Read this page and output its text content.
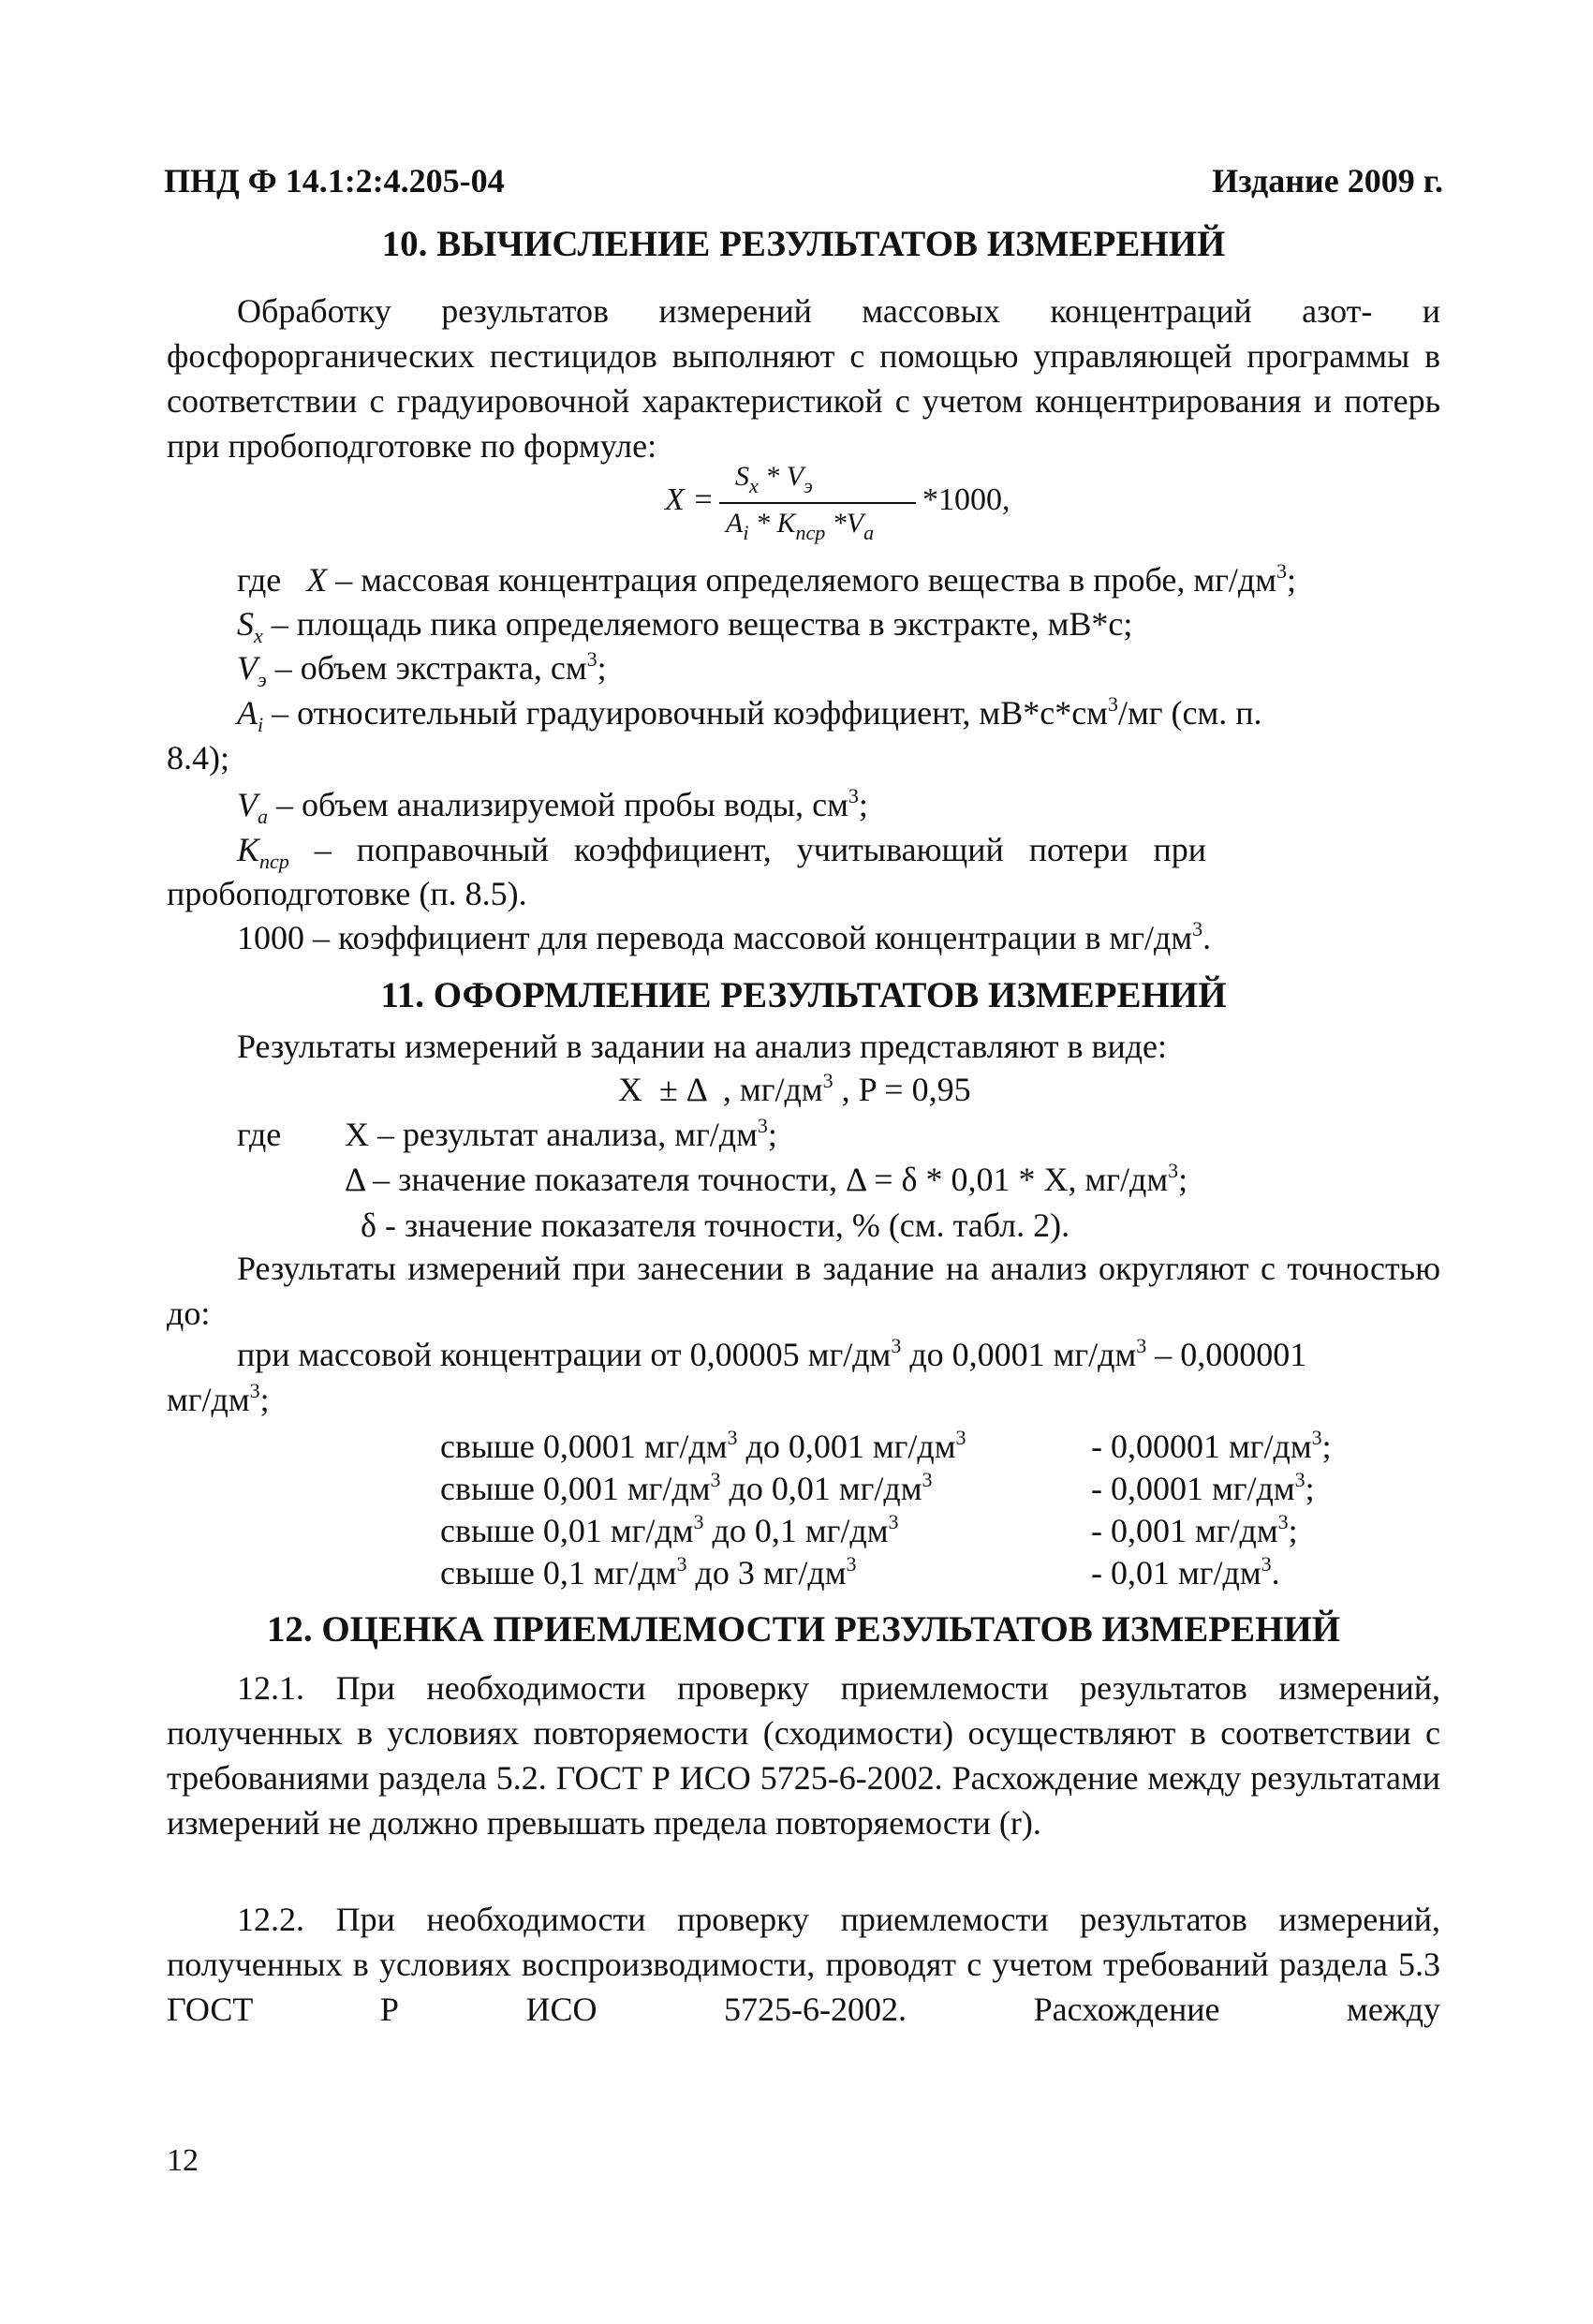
ПНД Ф 14.1:2:4.205-04	Издание 2009 г.
10. ВЫЧИСЛЕНИЕ РЕЗУЛЬТАТОВ ИЗМЕРЕНИЙ

Обработку результатов измерений массовых концентраций азот- и фосфорорганических пестицидов выполняют с помощью управляющей программы в соответствии с градуировочной характеристикой с учетом концентрирования и потерь при пробоподготовке по формуле:

X =
$S_x * V_э$
$A_i * K_{пср}$ $*V_a$
*1000,
где X – массовая концентрация определяемого вещества в пробе, $мг/дм^3$;
$S_x$ – площадь пика определяемого вещества в экстракте, мВ*с;
$V_э$ – объем экстракта, $см^3$;
$A_i$ – относительный градуировочный коэффициент, $мВ*с*см^3/мг$ (см. п.
8.4);
$V_a$ – объем анализируемой пробы воды, $см^3$;
$K_{пср}$   –   поправочный   коэффициент,   учитывающий   потери   при
пробоподготовке (п. 8.5).
1000 – коэффициент для перевода массовой концентрации в $мг/дм^3$.
11. ОФОРМЛЕНИЕ РЕЗУЛЬТАТОВ ИЗМЕРЕНИЙ
Результаты измерений в задании на анализ представляют в виде:
X  ± Δ  , $мг/дм^3$ , P = 0,95
где X – результат анализа, $мг/дм^3$;
Δ – значение показателя точности, Δ = δ * 0,01 * X, $мг/дм^3$;
δ - значение показателя точности, % (см. табл. 2).

Результаты измерений при занесении в задание на анализ округляют с точностью до:

при массовой концентрации от 0,00005 $мг/дм^3$ до 0,0001 $мг/дм^3 - 0,000001$
$мг/дм^3$;
свыше 0,0001 $мг/дм^3$ до 0,001 $мг/дм^3$	- 0,00001 $мг/дм^3$;
свыше 0,001 $мг/дм^3$ до 0,01 $мг/дм^3$	- 0,0001 $мг/дм^3$;
свыше 0,01 $мг/дм^3$ до 0,1 $мг/дм^3$	- 0,001 $мг/дм^3$;
свыше 0,1 $мг/дм^3$ до 3 $мг/дм^3$	- 0,01 $мг/дм^3$.
12. ОЦЕНКА ПРИЕМЛЕМОСТИ РЕЗУЛЬТАТОВ ИЗМЕРЕНИЙ

12.1. При необходимости проверку приемлемости результатов измерений, полученных в условиях повторяемости (сходимости) осуществляют в соответствии с требованиями раздела 5.2. ГОСТ Р ИСО 5725-6-2002. Расхождение между результатами измерений не должно превышать предела повторяемости (r).

12.2. При необходимости проверку приемлемости результатов измерений, полученных в условиях воспроизводимости, проводят с учетом требований раздела 5.3 ГОСТ Р ИСО 5725-6-2002. Расхождение между

12
